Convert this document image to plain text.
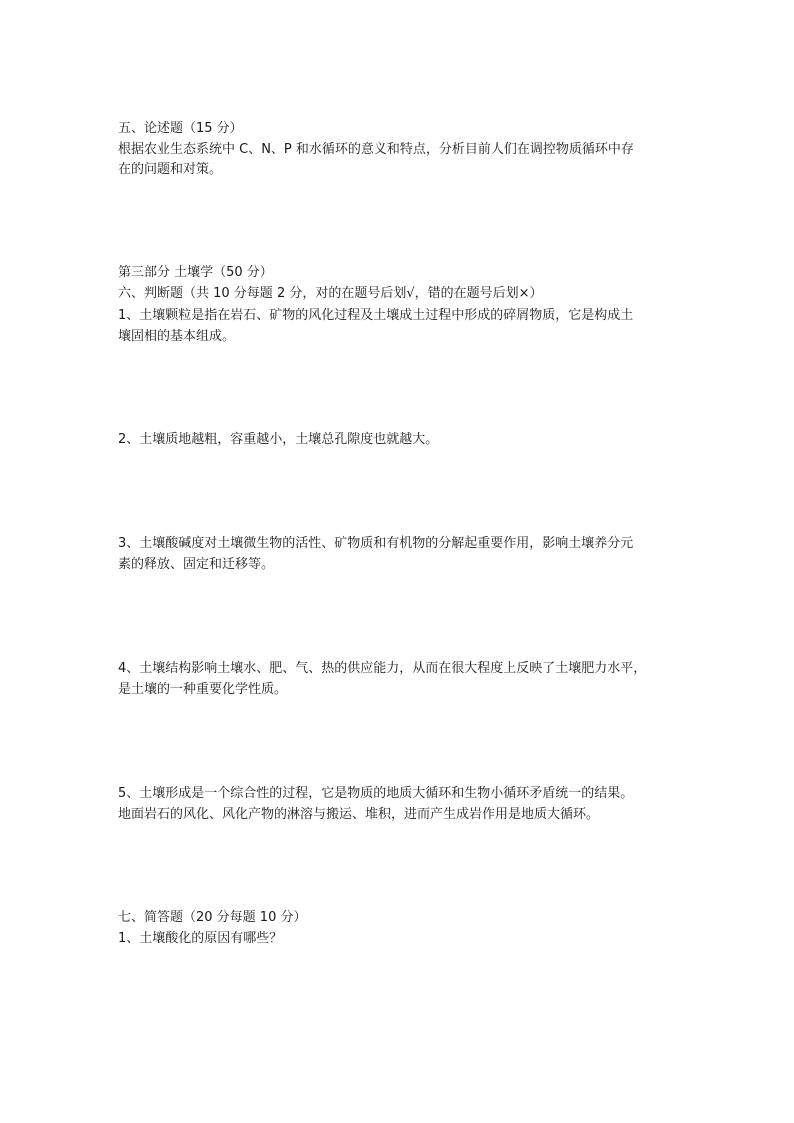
五、论述题（15 分）
根据农业生态系统中 C、N、P 和水循环的意义和特点，分析目前人们在调控物质循环中存
在的问题和对策。
第三部分 土壤学（50 分）
六、判断题（共 10 分每题 2 分，对的在题号后划√，错的在题号后划×）
1、土壤颗粒是指在岩石、矿物的风化过程及土壤成土过程中形成的碎屑物质，它是构成土
壤固相的基本组成。
2、土壤质地越粗，容重越小，土壤总孔隙度也就越大。
3、土壤酸碱度对土壤微生物的活性、矿物质和有机物的分解起重要作用，影响土壤养分元
素的释放、固定和迁移等。
4、土壤结构影响土壤水、肥、气、热的供应能力，从而在很大程度上反映了土壤肥力水平，
是土壤的一种重要化学性质。
5、土壤形成是一个综合性的过程，它是物质的地质大循环和生物小循环矛盾统一的结果。
地面岩石的风化、风化产物的淋溶与搬运、堆积，进而产生成岩作用是地质大循环。
七、简答题（20 分每题 10 分）
1、土壤酸化的原因有哪些？
